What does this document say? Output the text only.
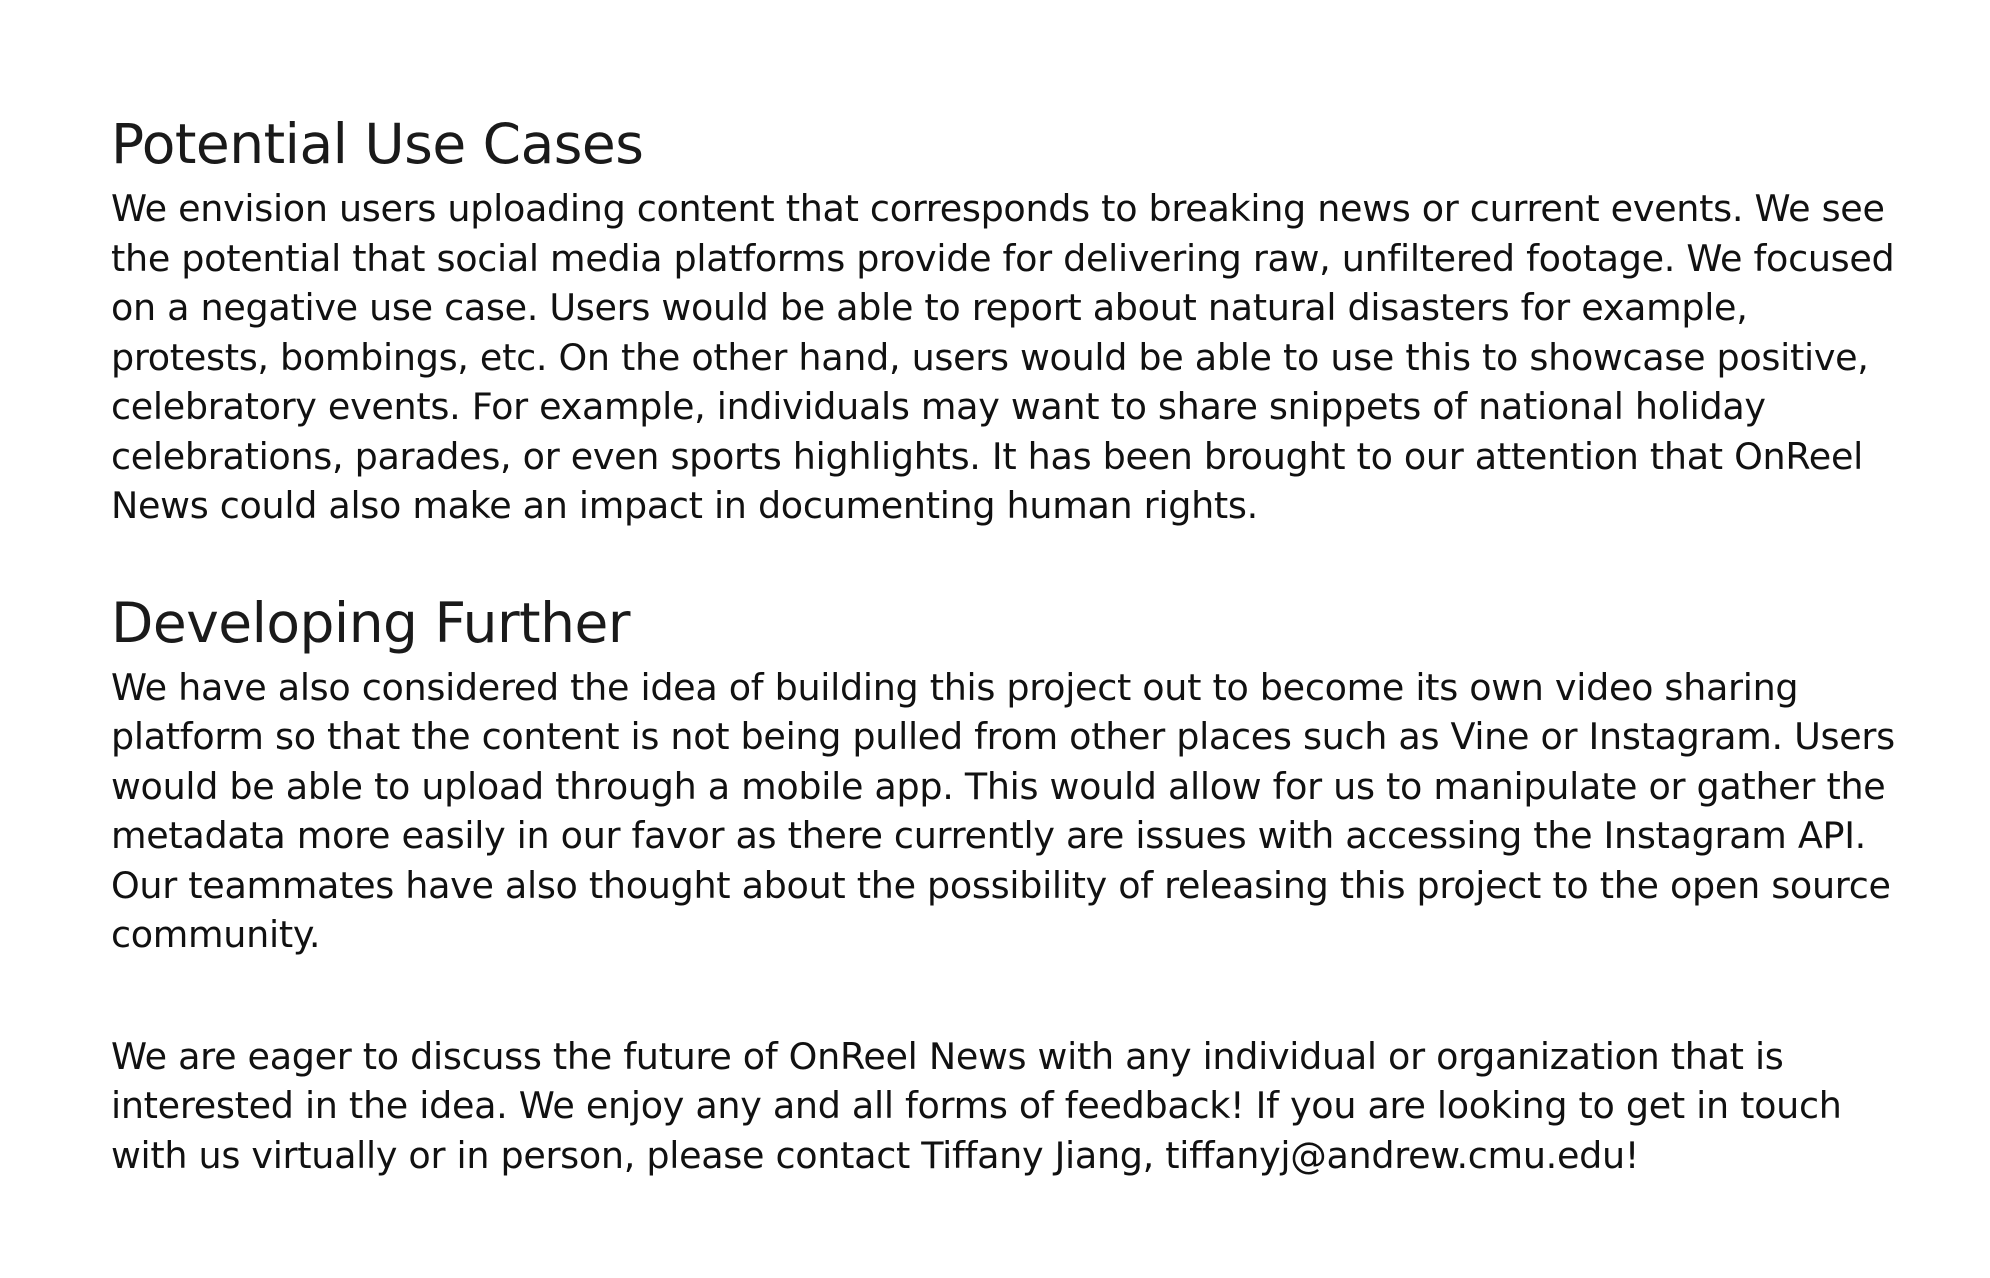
Potential Use Cases

We envision users uploading content that corresponds to breaking news or current events. We see the potential that social media platforms provide for delivering raw, unfiltered footage. We focused on a negative use case. Users would be able to report about natural disasters for example, protests, bombings, etc. On the other hand, users would be able to use this to showcase positive, celebratory events. For example, individuals may want to share snippets of national holiday celebrations, parades, or even sports highlights. It has been brought to our attention that OnReel News could also make an impact in documenting human rights.

Developing Further

We have also considered the idea of building this project out to become its own video sharing platform so that the content is not being pulled from other places such as Vine or Instagram. Users would be able to upload through a mobile app. This would allow for us to manipulate or gather the metadata more easily in our favor as there currently are issues with accessing the Instagram API. Our teammates have also thought about the possibility of releasing this project to the open source community.

We are eager to discuss the future of OnReel News with any individual or organization that is interested in the idea. We enjoy any and all forms of feedback! If you are looking to get in touch with us virtually or in person, please contact Tiffany Jiang, tiffanyj@andrew.cmu.edu!
